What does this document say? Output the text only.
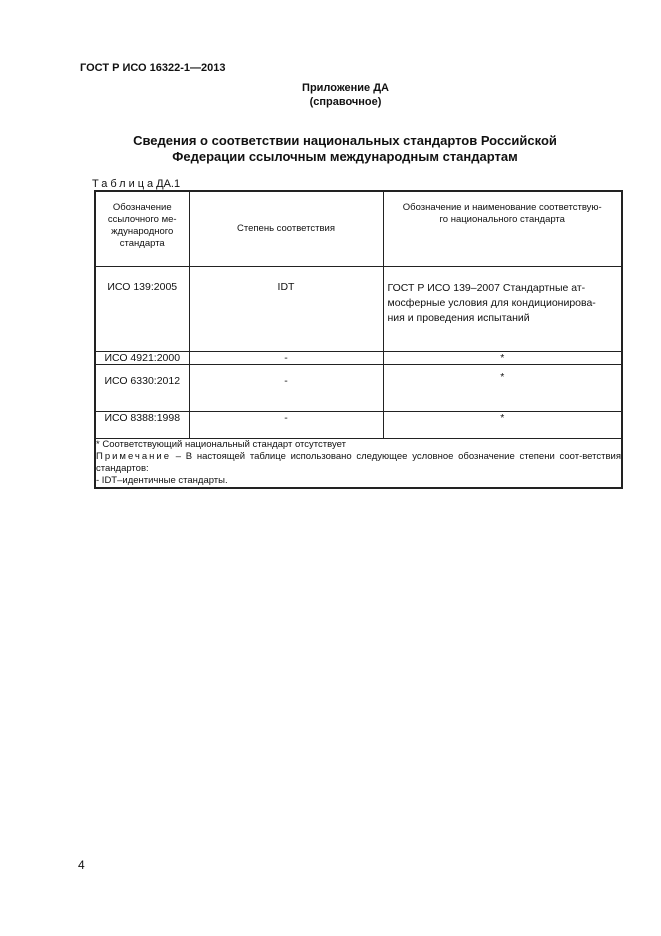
ГОСТ Р ИСО 16322-1—2013
Приложение ДА
(справочное)
Сведения о соответствии национальных стандартов Российской
Федерации ссылочным международным стандартам
ТаблицаДА.1
Обозначение
ссылочного ме-
ждународного
стандарта	Степень соответствия	Обозначение и наименование соответствую-
го национального стандарта
ИСО 139:2005	IDT	ГОСТ Р ИСО 139–2007 Стандартные ат-
мосферные условия для кондиционирова-
ния и проведения испытаний
ИСО 4921:2000	-	*
ИСО 6330:2012	-	*
ИСО 8388:1998	-	*

* Соответствующий национальный стандарт отсутствует
Примечание – В настоящей таблице использовано следующее условное обозначение степени соот-ветствия стандартов:
- IDT–идентичные стандарты.		
4
